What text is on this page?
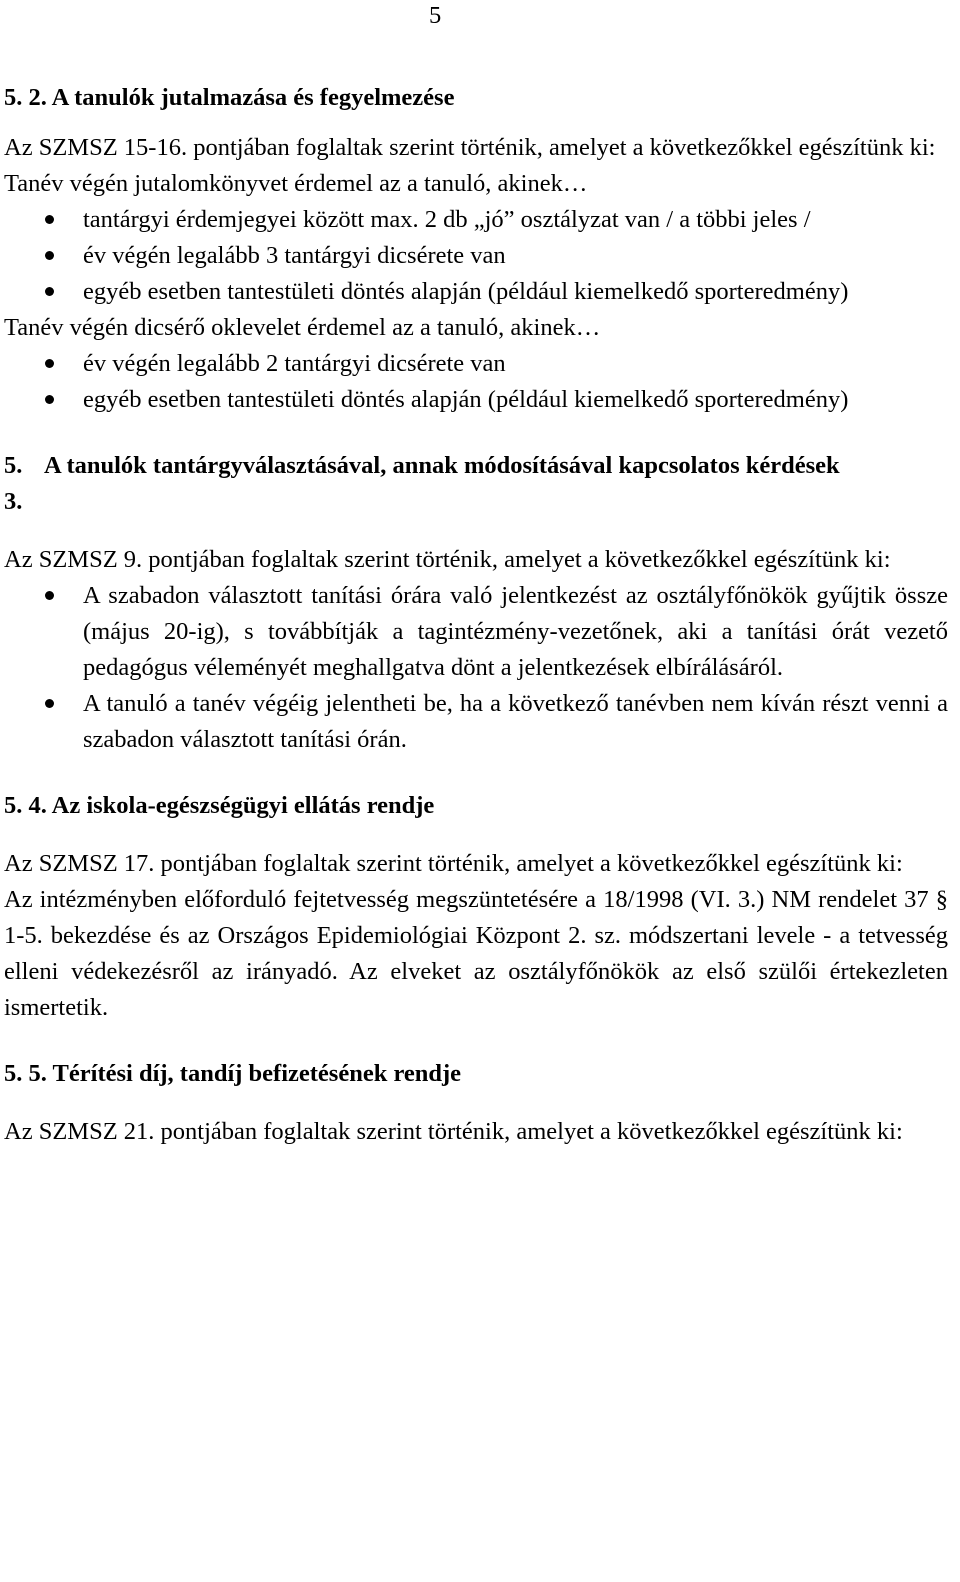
5

5. 2. A tanulók jutalmazása és fegyelmezése

Az SZMSZ 15-16. pontjában foglaltak szerint történik, amelyet a következőkkel egészítünk ki:

Tanév végén jutalomkönyvet érdemel az a tanuló, akinek…

tantárgyi érdemjegyei között max. 2 db „jó” osztályzat van / a többi jeles /
év végén legalább 3 tantárgyi dicsérete van
egyéb esetben tantestületi döntés alapján (például kiemelkedő sporteredmény)

Tanév végén dicsérő oklevelet érdemel az a tanuló, akinek…

év végén legalább 2 tantárgyi dicsérete van
egyéb esetben tantestületi döntés alapján (például kiemelkedő sporteredmény)
5. 3.
A tanulók tantárgyválasztásával, annak módosításával kapcsolatos kérdések

Az SZMSZ 9. pontjában foglaltak szerint történik, amelyet a következőkkel egészítünk ki:

A szabadon választott tanítási órára való jelentkezést az osztályfőnökök gyűjtik össze (május 20-ig), s továbbítják a tagintézmény-vezetőnek, aki a tanítási órát vezető pedagógus véleményét meghallgatva dönt a jelentkezések elbírálásáról.
A tanuló a tanév végéig jelentheti be, ha a következő tanévben nem kíván részt venni a szabadon választott tanítási órán.

5. 4. Az iskola-egészségügyi ellátás rendje

Az SZMSZ 17. pontjában foglaltak szerint történik, amelyet a következőkkel egészítünk ki:

Az intézményben előforduló fejtetvesség megszüntetésére a 18/1998 (VI. 3.) NM rendelet 37 § 1-5. bekezdése és az Országos Epidemiológiai Központ 2. sz. módszertani levele - a tetvesség elleni védekezésről az irányadó. Az elveket az osztályfőnökök az első szülői értekezleten ismertetik.

5. 5. Térítési díj, tandíj befizetésének rendje

Az SZMSZ 21. pontjában foglaltak szerint történik, amelyet a következőkkel egészítünk ki:
